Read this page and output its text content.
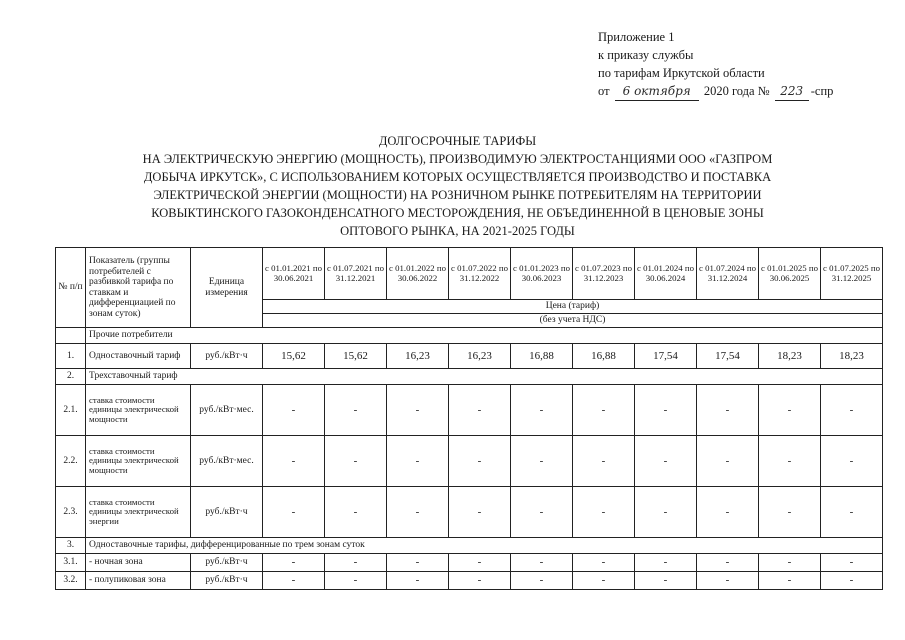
Приложение 1
к приказу службы
по тарифам Иркутской области
от 6 октября 2020 года № 223 -спр
ДОЛГОСРОЧНЫЕ ТАРИФЫ
НА ЭЛЕКТРИЧЕСКУЮ ЭНЕРГИЮ (МОЩНОСТЬ), ПРОИЗВОДИМУЮ ЭЛЕКТРОСТАНЦИЯМИ ООО «ГАЗПРОМ
ДОБЫЧА ИРКУТСК», С ИСПОЛЬЗОВАНИЕМ КОТОРЫХ ОСУЩЕСТВЛЯЕТСЯ ПРОИЗВОДСТВО И ПОСТАВКА
ЭЛЕКТРИЧЕСКОЙ ЭНЕРГИИ (МОЩНОСТИ) НА РОЗНИЧНОМ РЫНКЕ ПОТРЕБИТЕЛЯМ НА ТЕРРИТОРИИ
КОВЫКТИНСКОГО ГАЗОКОНДЕНСАТНОГО МЕСТОРОЖДЕНИЯ, НЕ ОБЪЕДИНЕННОЙ В ЦЕНОВЫЕ ЗОНЫ
ОПТОВОГО РЫНКА, НА 2021-2025 ГОДЫ
№ п/п	Показатель (группы потребителей с разбивкой тарифа по ставкам и дифференциацией по зонам суток)	Единица измерения	с 01.01.2021 по 30.06.2021	с 01.07.2021 по 31.12.2021	с 01.01.2022 по 30.06.2022	с 01.07.2022 по 31.12.2022	с 01.01.2023 по 30.06.2023	с 01.07.2023 по 31.12.2023	с 01.01.2024 по 30.06.2024	с 01.07.2024 по 31.12.2024	с 01.01.2025 по 30.06.2025	с 01.07.2025 по 31.12.2025
			Цена (тариф)									
			(без учета НДС)									
	Прочие потребители											
1.	Одноставочный тариф	руб./кВт·ч	15,62	15,62	16,23	16,23	16,88	16,88	17,54	17,54	18,23	18,23
2.	Трехставочный тариф											
2.1.	ставка стоимости единицы электрической мощности	руб./кВт·мес.	-	-	-	-	-	-	-	-	-	-
2.2.	ставка стоимости единицы электрической мощности	руб./кВт·мес.	-	-	-	-	-	-	-	-	-	-
2.3.	ставка стоимости единицы электрической энергии	руб./кВт·ч	-	-	-	-	-	-	-	-	-	-
3.	Одноставочные тарифы, дифференцированные по трем зонам суток											
3.1.	- ночная зона	руб./кВт·ч	-	-	-	-	-	-	-	-	-	-
3.2.	- полупиковая зона	руб./кВт·ч	-	-	-	-	-	-	-	-	-	-
